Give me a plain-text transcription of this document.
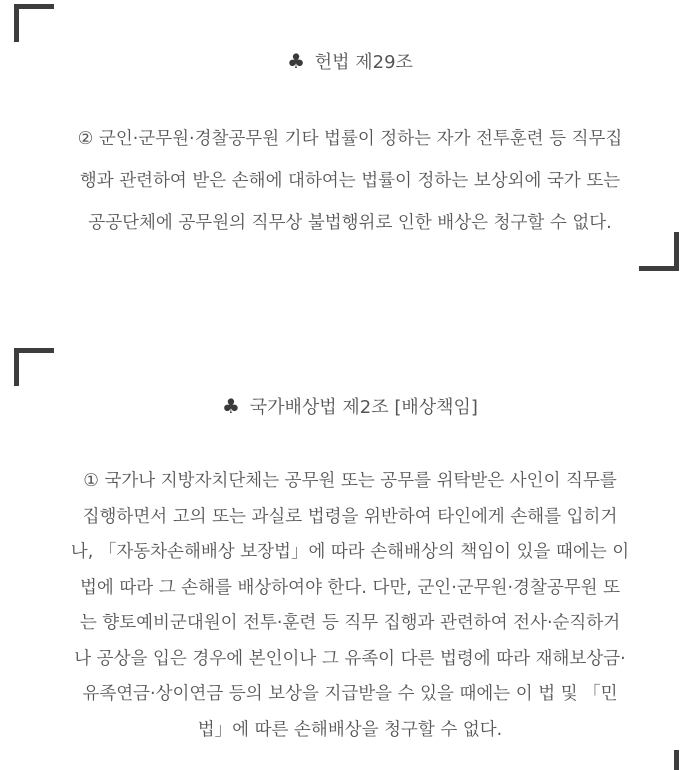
♣ 헌법 제29조
② 군인·군무원·경찰공무원 기타 법률이 정하는 자가 전투훈련 등 직무집
행과 관련하여 받은 손해에 대하여는 법률이 정하는 보상외에 국가 또는
공공단체에 공무원의 직무상 불법행위로 인한 배상은 청구할 수 없다.
♣ 국가배상법 제2조 [배상책임]
① 국가나 지방자치단체는 공무원 또는 공무를 위탁받은 사인이 직무를
집행하면서 고의 또는 과실로 법령을 위반하여 타인에게 손해를 입히거
나, 「자동차손해배상 보장법」에 따라 손해배상의 책임이 있을 때에는 이
법에 따라 그 손해를 배상하여야 한다. 다만, 군인·군무원·경찰공무원 또
는 향토예비군대원이 전투·훈련 등 직무 집행과 관련하여 전사·순직하거
나 공상을 입은 경우에 본인이나 그 유족이 다른 법령에 따라 재해보상금·
유족연금·상이연금 등의 보상을 지급받을 수 있을 때에는 이 법 및 「민
법」에 따른 손해배상을 청구할 수 없다.
